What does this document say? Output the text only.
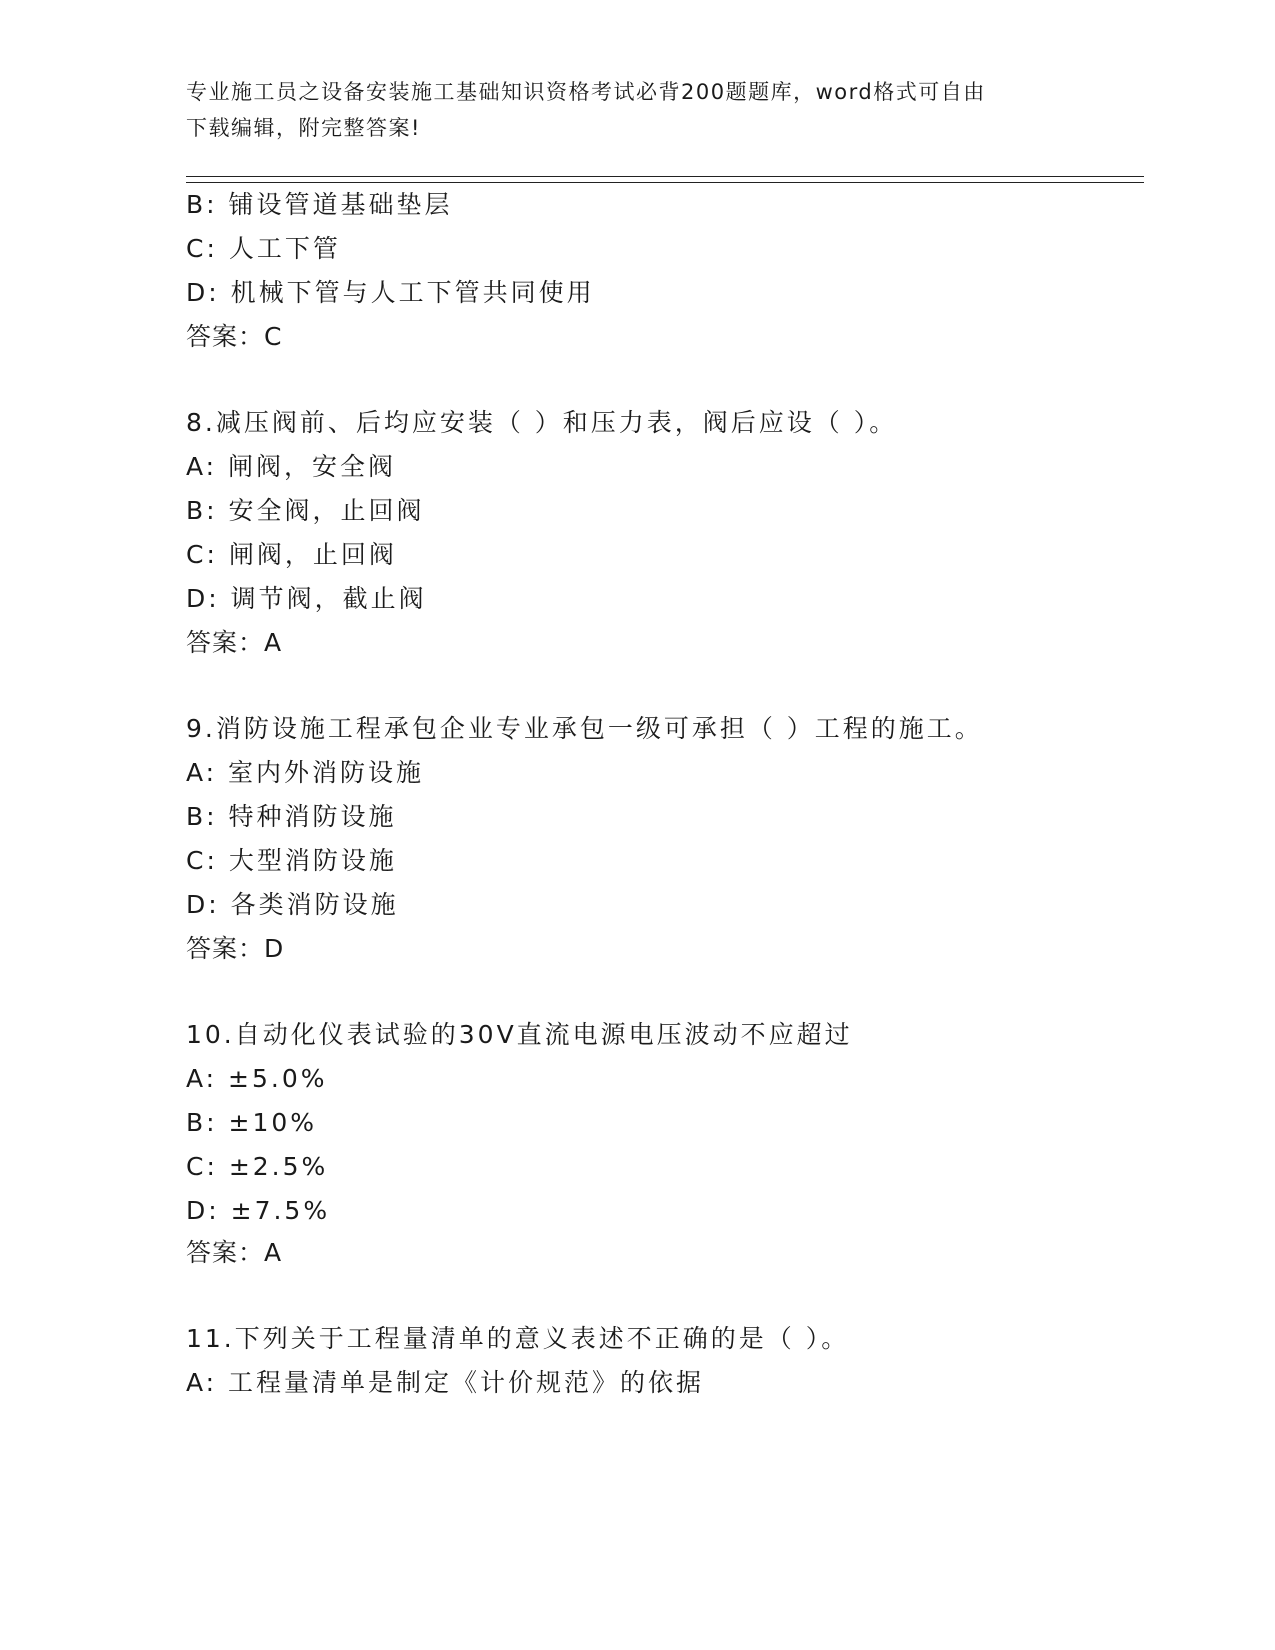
专业施工员之设备安装施工基础知识资格考试必背200题题库，word格式可自由
下载编辑，附完整答案!
B: 铺设管道基础垫层
C: 人工下管
D: 机械下管与人工下管共同使用
答案：C
8.减压阀前、后均应安装（ ）和压力表，阀后应设（ ）。
A: 闸阀，安全阀
B: 安全阀，止回阀
C: 闸阀，止回阀
D: 调节阀，截止阀
答案：A
9.消防设施工程承包企业专业承包一级可承担（ ）工程的施工。
A: 室内外消防设施
B: 特种消防设施
C: 大型消防设施
D: 各类消防设施
答案：D
10.自动化仪表试验的30V直流电源电压波动不应超过
A: ±5.0%
B: ±10%
C: ±2.5%
D: ±7.5%
答案：A
11.下列关于工程量清单的意义表述不正确的是（ ）。
A: 工程量清单是制定《计价规范》的依据
